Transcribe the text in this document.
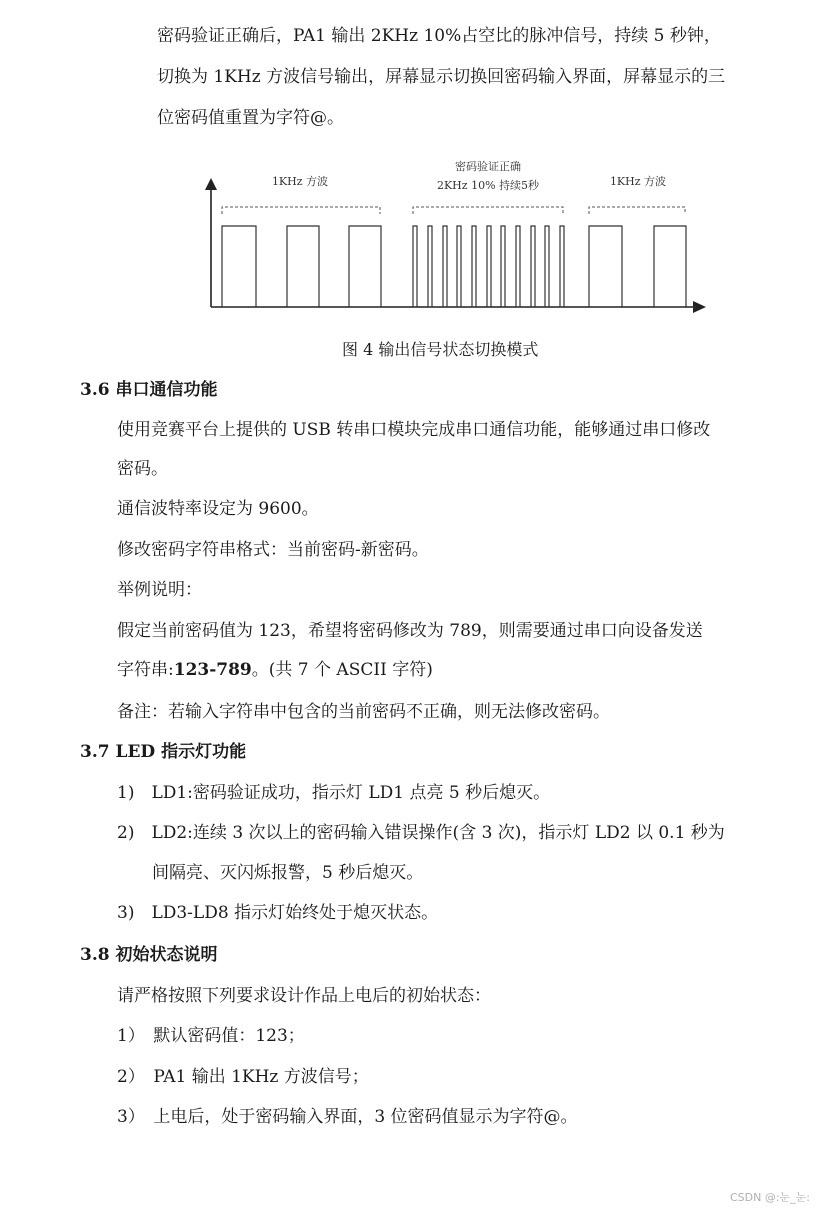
密码验证正确后，PA1 输出 2KHz 10%占空比的脉冲信号，持续 5 秒钟，
切换为 1KHz 方波信号输出，屏幕显示切换回密码输入界面，屏幕显示的三
位密码值重置为字符@。
1KHz 方波
密码验证正确
2KHz 10% 持续5秒	1KHz 方波
图 4 输出信号状态切换模式
3.6 串口通信功能
使用竞赛平台上提供的 USB 转串口模块完成串口通信功能，能够通过串口修改
密码。
通信波特率设定为 9600。
修改密码字符串格式：当前密码-新密码。
举例说明：
假定当前密码值为 123，希望将密码修改为 789，则需要通过串口向设备发送
字符串:123-789。(共 7 个 ASCII 字符)
备注：若输入字符串中包含的当前密码不正确，则无法修改密码。
3.7 LED 指示灯功能
1)　LD1:密码验证成功，指示灯 LD1 点亮 5 秒后熄灭。
2)　LD2:连续 3 次以上的密码输入错误操作(含 3 次)，指示灯 LD2 以 0.1 秒为
间隔亮、灭闪烁报警，5 秒后熄灭。
3)　LD3-LD8 指示灯始终处于熄灭状态。
3.8 初始状态说明
请严格按照下列要求设计作品上电后的初始状态：
1）　默认密码值：123；
2）　PA1 输出 1KHz 方波信号；
3）　上电后，处于密码输入界面，3 位密码值显示为字符@。
CSDN @:눈_눈:
